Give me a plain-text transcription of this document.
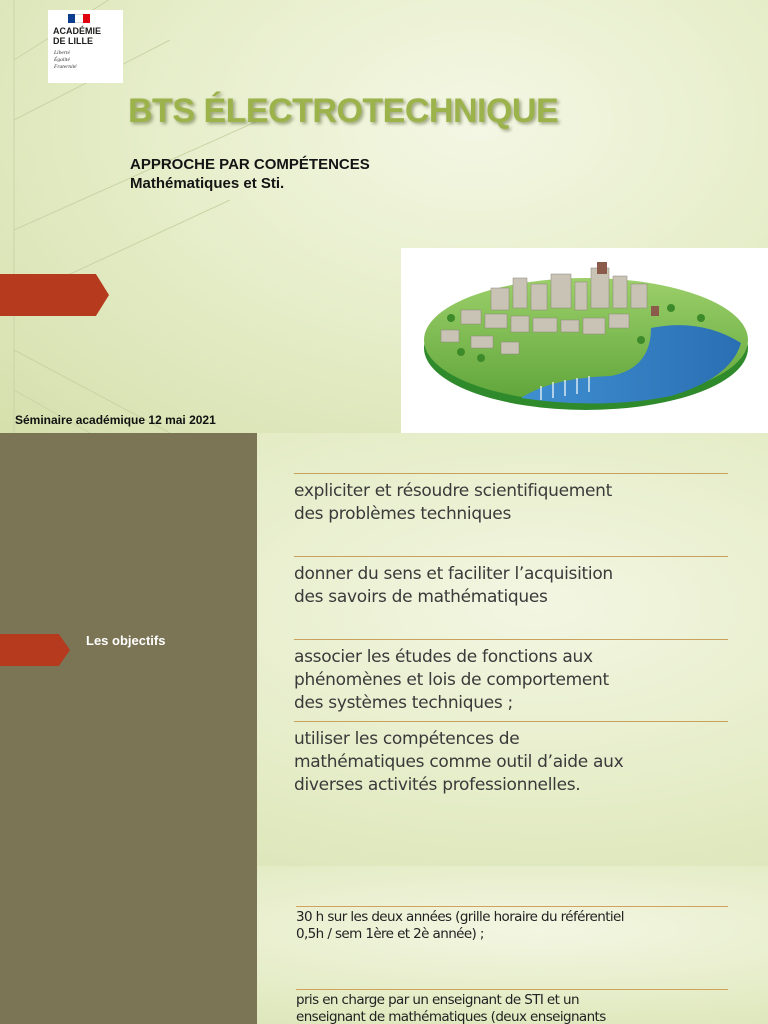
ACADÉMIE
DE LILLE
Liberté
Égalité
Fraternité
BTS ÉLECTROTECHNIQUE
APPROCHE PAR COMPÉTENCES
Mathématiques et Sti.
Séminaire académique 12 mai 2021
Les objectifs
expliciter et résoudre scientifiquement
des problèmes techniques
donner du sens et faciliter l’acquisition
des savoirs de mathématiques
associer les études de fonctions aux
phénomènes et lois de comportement
des systèmes techniques ;
utiliser les compétences de
mathématiques comme outil d’aide aux
diverses activités professionnelles.
30 h sur les deux années (grille horaire du référentiel
0,5h / sem 1ère et 2è année) ;
pris en charge par un enseignant de STI et un
enseignant de mathématiques (deux enseignants
